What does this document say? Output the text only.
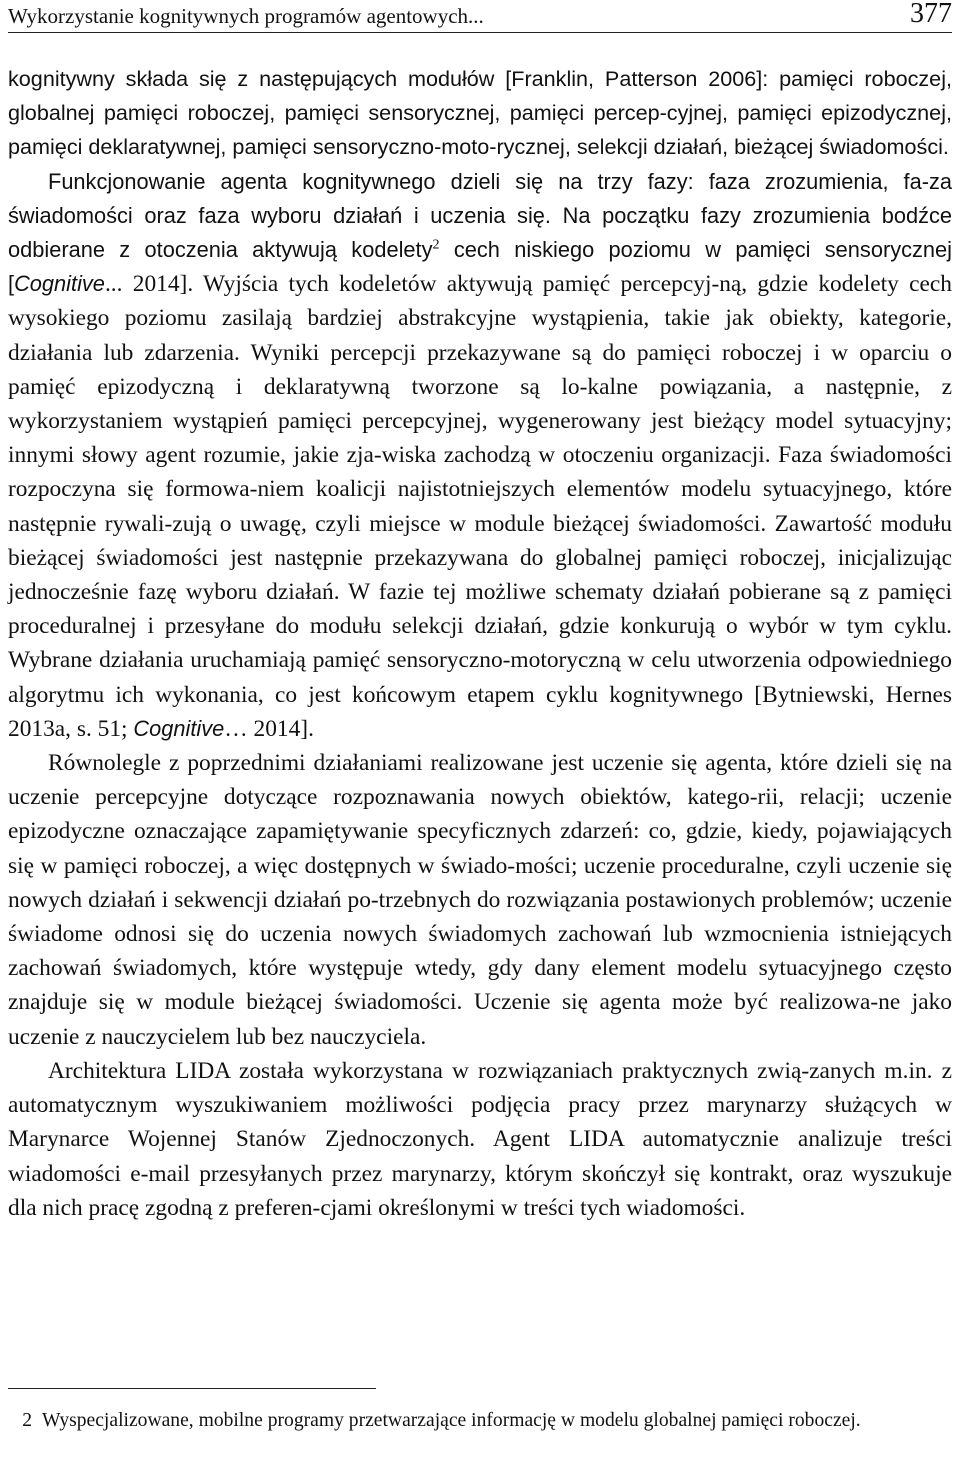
Wykorzystanie kognitywnych programów agentowych...	377

kognitywny składa się z następujących modułów [Franklin, Patterson 2006]: pamięci roboczej, globalnej pamięci roboczej, pamięci sensorycznej, pamięci percep-cyjnej, pamięci epizodycznej, pamięci deklaratywnej, pamięci sensoryczno-moto-rycznej, selekcji działań, bieżącej świadomości.

Funkcjonowanie agenta kognitywnego dzieli się na trzy fazy: faza zrozumienia, fa-za świadomości oraz faza wyboru działań i uczenia się. Na początku fazy zrozumienia bodźce odbierane z otoczenia aktywują kodelety$^2$ cech niskiego poziomu w pamięci sensorycznej [Cognitive... 2014]. Wyjścia tych kodeletów aktywują pamięć percepcyj-ną, gdzie kodelety cech wysokiego poziomu zasilają bardziej abstrakcyjne wystąpienia, takie jak obiekty, kategorie, działania lub zdarzenia. Wyniki percepcji przekazywane są do pamięci roboczej i w oparciu o pamięć epizodyczną i deklaratywną tworzone są lo-kalne powiązania, a następnie, z wykorzystaniem wystąpień pamięci percepcyjnej, wygenerowany jest bieżący model sytuacyjny; innymi słowy agent rozumie, jakie zja-wiska zachodzą w otoczeniu organizacji. Faza świadomości rozpoczyna się formowa-niem koalicji najistotniejszych elementów modelu sytuacyjnego, które następnie rywali-zują o uwagę, czyli miejsce w module bieżącej świadomości. Zawartość modułu bieżącej świadomości jest następnie przekazywana do globalnej pamięci roboczej, inicjalizując jednocześnie fazę wyboru działań. W fazie tej możliwe schematy działań pobierane są z pamięci proceduralnej i przesyłane do modułu selekcji działań, gdzie konkurują o wybór w tym cyklu. Wybrane działania uruchamiają pamięć sensoryczno-motoryczną w celu utworzenia odpowiedniego algorytmu ich wykonania, co jest końcowym etapem cyklu kognitywnego [Bytniewski, Hernes 2013a, s. 51; Cognitive… 2014].

Równolegle z poprzednimi działaniami realizowane jest uczenie się agenta, które dzieli się na uczenie percepcyjne dotyczące rozpoznawania nowych obiektów, katego-rii, relacji; uczenie epizodyczne oznaczające zapamiętywanie specyficznych zdarzeń: co, gdzie, kiedy, pojawiających się w pamięci roboczej, a więc dostępnych w świado-mości; uczenie proceduralne, czyli uczenie się nowych działań i sekwencji działań po-trzebnych do rozwiązania postawionych problemów; uczenie świadome odnosi się do uczenia nowych świadomych zachowań lub wzmocnienia istniejących zachowań świadomych, które występuje wtedy, gdy dany element modelu sytuacyjnego często znajduje się w module bieżącej świadomości. Uczenie się agenta może być realizowa-ne jako uczenie z nauczycielem lub bez nauczyciela.

Architektura LIDA została wykorzystana w rozwiązaniach praktycznych zwią-zanych m.in. z automatycznym wyszukiwaniem możliwości podjęcia pracy przez marynarzy służących w Marynarce Wojennej Stanów Zjednoczonych. Agent LIDA automatycznie analizuje treści wiadomości e-mail przesyłanych przez marynarzy, którym skończył się kontrakt, oraz wyszukuje dla nich pracę zgodną z preferen-cjami określonymi w treści tych wiadomości.

2 Wyspecjalizowane, mobilne programy przetwarzające informację w modelu globalnej pamięci roboczej.
